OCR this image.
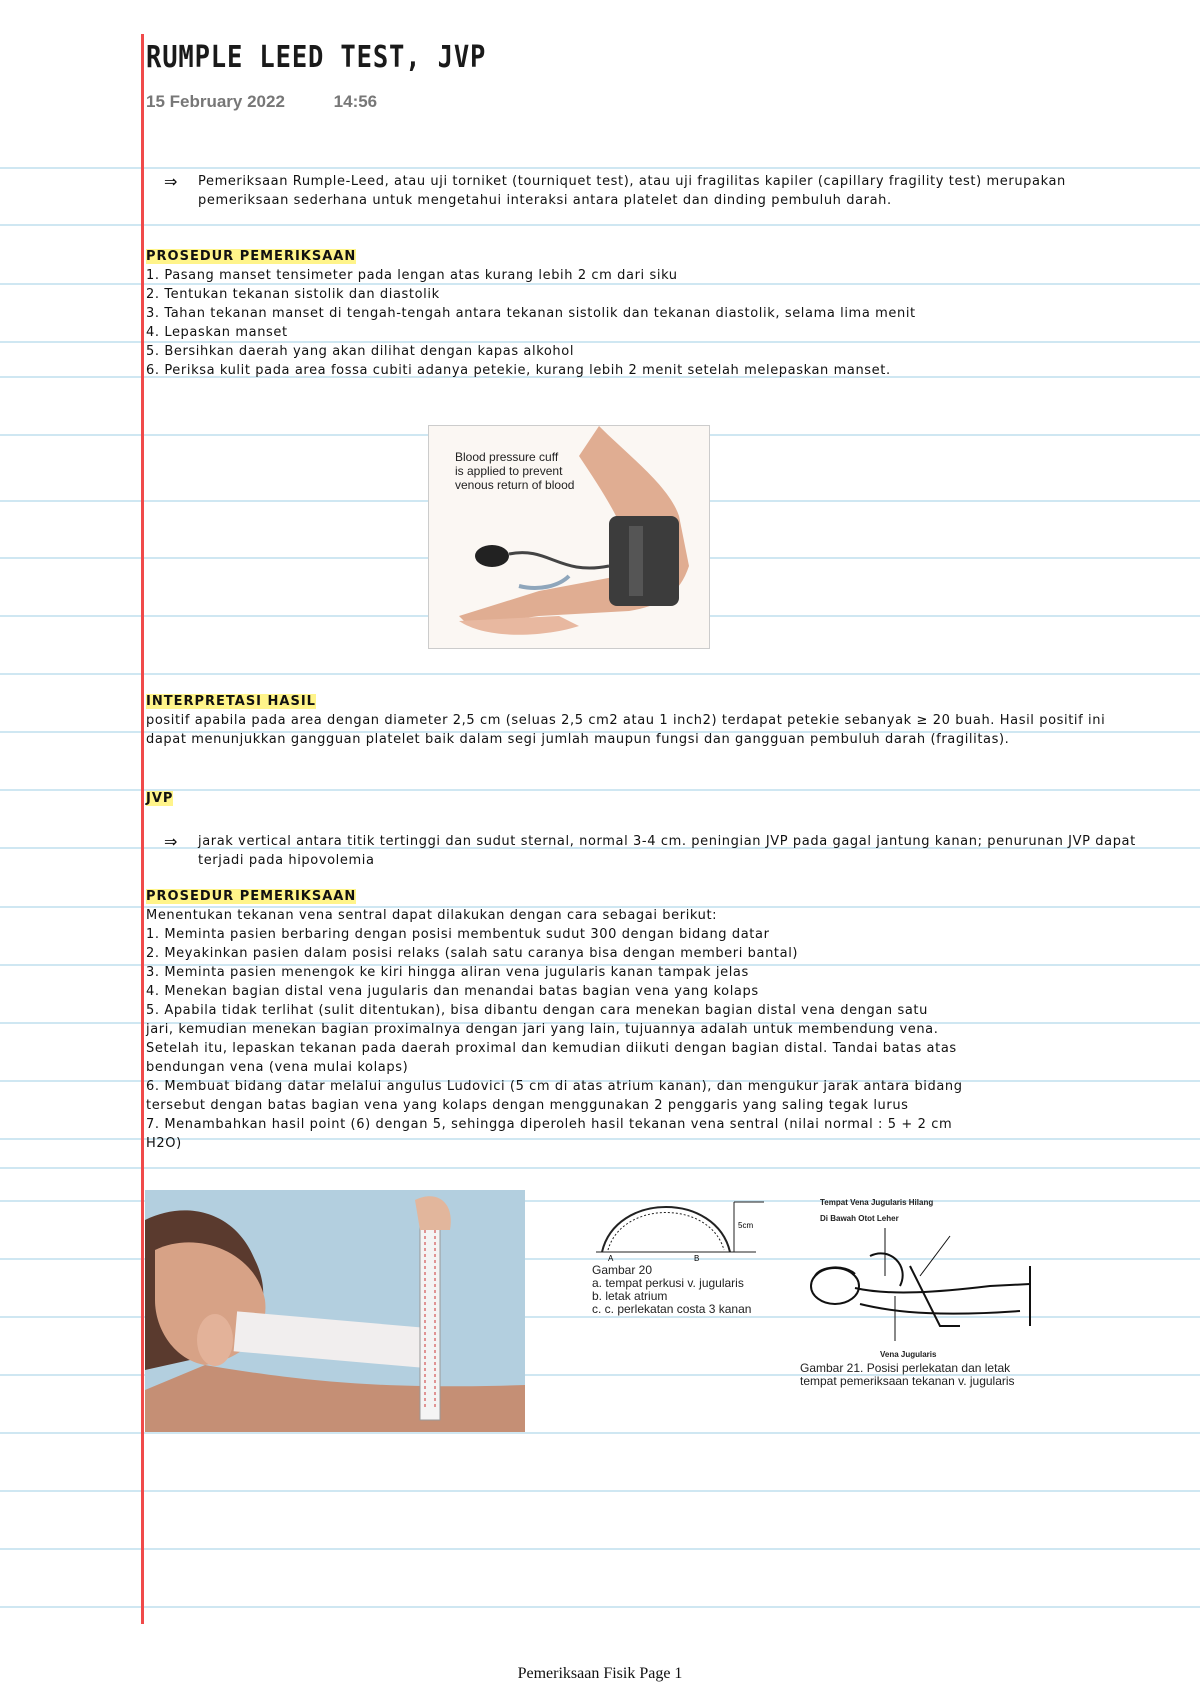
RUMPLE LEED TEST, JVP
15 February 2022	14:56
⇒ Pemeriksaan Rumple-Leed, atau uji torniket (tourniquet test), atau uji fragilitas kapiler (capillary fragility test) merupakan pemeriksaan sederhana untuk mengetahui interaksi antara platelet dan dinding pembuluh darah.
PROSEDUR PEMERIKSAAN
1. Pasang manset tensimeter pada lengan atas kurang lebih 2 cm dari siku
2. Tentukan tekanan sistolik dan diastolik
3. Tahan tekanan manset di tengah-tengah antara tekanan sistolik dan tekanan diastolik, selama lima menit
4. Lepaskan manset
5. Bersihkan daerah yang akan dilihat dengan kapas alkohol
6. Periksa kulit pada area fossa cubiti adanya petekie, kurang lebih 2 menit setelah melepaskan manset.
Blood pressure cuff is applied to prevent venous return of blood
INTERPRETASI HASIL
positif apabila pada area dengan diameter 2,5 cm (seluas 2,5 cm2 atau 1 inch2) terdapat petekie sebanyak ≥ 20 buah. Hasil positif ini dapat menunjukkan gangguan platelet baik dalam segi jumlah maupun fungsi dan gangguan pembuluh darah (fragilitas).
JVP
⇒ jarak vertical antara titik tertinggi dan sudut sternal, normal 3-4 cm. peningian JVP pada gagal jantung kanan; penurunan JVP dapat terjadi pada hipovolemia
PROSEDUR PEMERIKSAAN
Menentukan tekanan vena sentral dapat dilakukan dengan cara sebagai berikut:
1. Meminta pasien berbaring dengan posisi membentuk sudut 300 dengan bidang datar
2. Meyakinkan pasien dalam posisi relaks (salah satu caranya bisa dengan memberi bantal)
3. Meminta pasien menengok ke kiri hingga aliran vena jugularis kanan tampak jelas
4. Menekan bagian distal vena jugularis dan menandai batas bagian vena yang kolaps
5. Apabila tidak terlihat (sulit ditentukan), bisa dibantu dengan cara menekan bagian distal vena dengan satu
jari, kemudian menekan bagian proximalnya dengan jari yang lain, tujuannya adalah untuk membendung vena.
Setelah itu, lepaskan tekanan pada daerah proximal dan kemudian diikuti dengan bagian distal. Tandai batas atas
bendungan vena (vena mulai kolaps)
6. Membuat bidang datar melalui angulus Ludovici (5 cm di atas atrium kanan), dan mengukur jarak antara bidang
tersebut dengan batas bagian vena yang kolaps dengan menggunakan 2 penggaris yang saling tegak lurus
7. Menambahkan hasil point (6) dengan 5, sehingga diperoleh hasil tekanan vena sentral (nilai normal : 5 + 2 cm
H2O)
5cm
A	B
Gambar 20
a. tempat perkusi v. jugularis
b. letak atrium
c. c. perlekatan costa 3 kanan
Tempat Vena Jugularis Hilang
Di Bawah Otot Leher
Vena Jugularis
Gambar 21. Posisi perlekatan dan letak tempat pemeriksaan tekanan v. jugularis
Pemeriksaan Fisik Page 1
